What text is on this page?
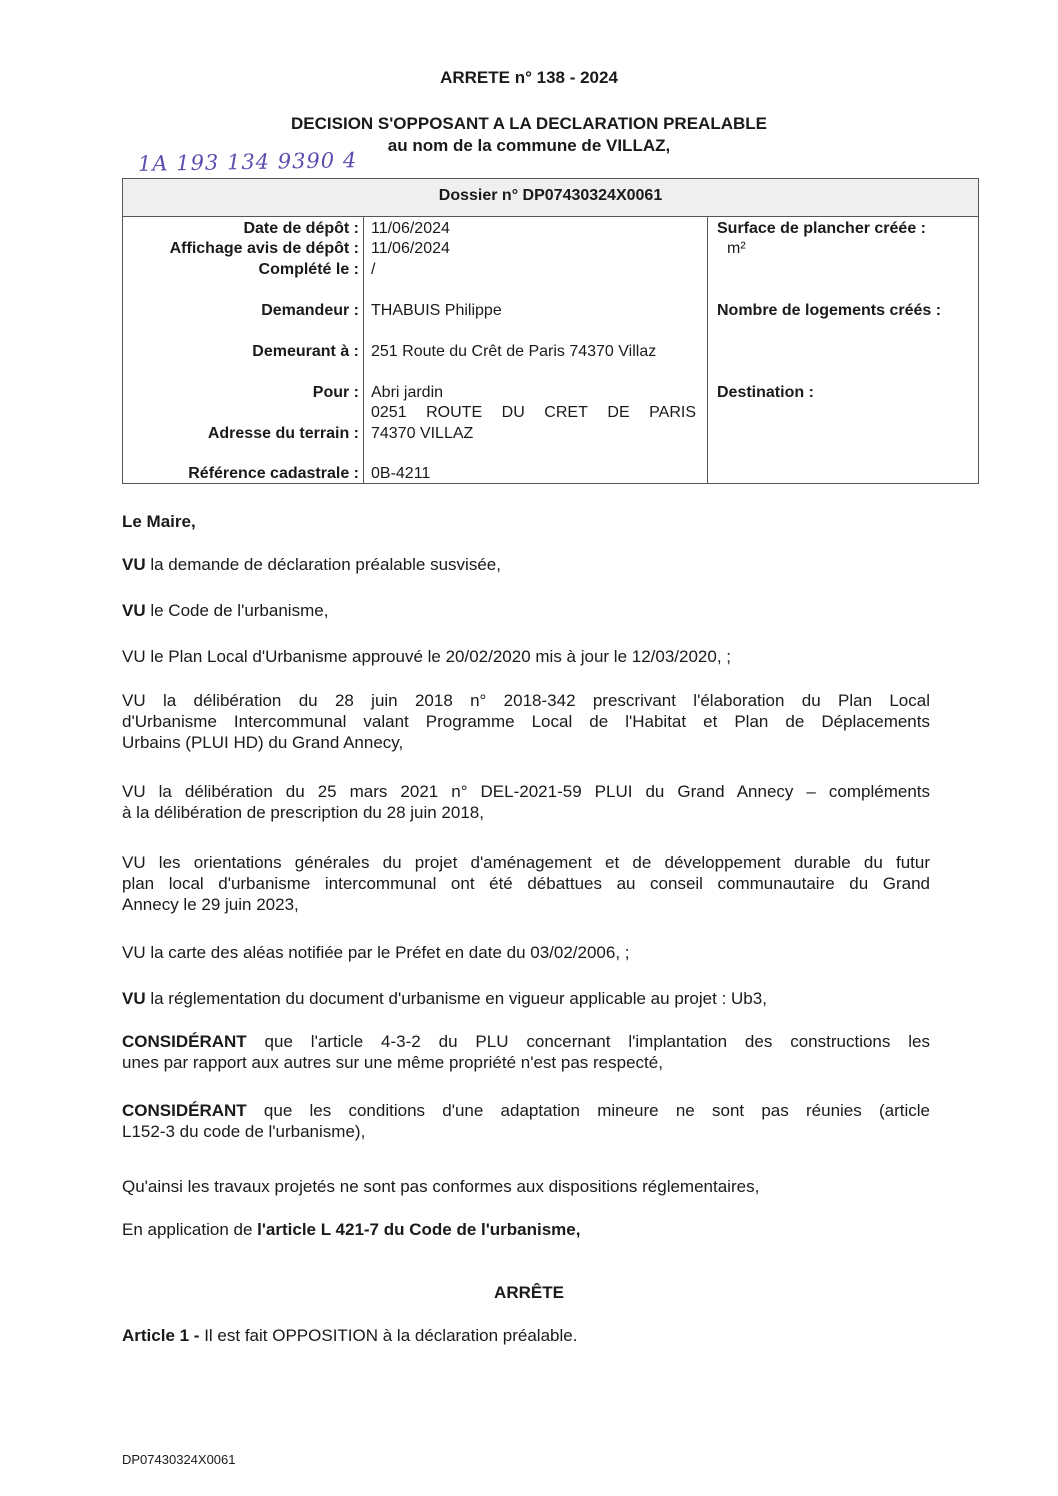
ARRETE n° 138 - 2024
DECISION S'OPPOSANT A LA DECLARATION PREALABLE
au nom de la commune de VILLAZ,
1A 193 134 9390 4
Dossier n° DP07430324X0061
Date de dépôt :
Affichage avis de dépôt :
Complété le :
Demandeur :
Demeurant à :
Pour :
Adresse du terrain :
Référence cadastrale :
11/06/2024
11/06/2024
/
THABUIS Philippe
251 Route du Crêt de Paris 74370 Villaz
Abri jardin
0251 ROUTE DU CRET DE PARIS
74370 VILLAZ
0B-4211
Surface de plancher créée :
m²
Nombre de logements créés :
Destination :
Le Maire,
VU la demande de déclaration préalable susvisée,
VU le Code de l'urbanisme,
VU le Plan Local d'Urbanisme approuvé le 20/02/2020 mis à jour le 12/03/2020, ;
VU la délibération du 28 juin 2018 n° 2018-342 prescrivant l'élaboration du Plan Local
d'Urbanisme Intercommunal valant Programme Local de l'Habitat et Plan de Déplacements
Urbains (PLUI HD) du Grand Annecy,
VU la délibération du 25 mars 2021 n° DEL-2021-59 PLUI du Grand Annecy – compléments
à la délibération de prescription du 28 juin 2018,
VU les orientations générales du projet d'aménagement et de développement durable du futur
plan local d'urbanisme intercommunal ont été débattues au conseil communautaire du Grand
Annecy le 29 juin 2023,
VU la carte des aléas notifiée par le Préfet en date du 03/02/2006, ;
VU la réglementation du document d'urbanisme en vigueur applicable au projet : Ub3,
CONSIDÉRANT que l'article 4-3-2 du PLU concernant l'implantation des constructions les
unes par rapport aux autres sur une même propriété n'est pas respecté,
CONSIDÉRANT que les conditions d'une adaptation mineure ne sont pas réunies (article
L152-3 du code de l'urbanisme),
Qu'ainsi les travaux projetés ne sont pas conformes aux dispositions réglementaires,
En application de l'article L 421-7 du Code de l'urbanisme,
ARRÊTE
Article 1 - Il est fait OPPOSITION à la déclaration préalable.
DP07430324X0061
